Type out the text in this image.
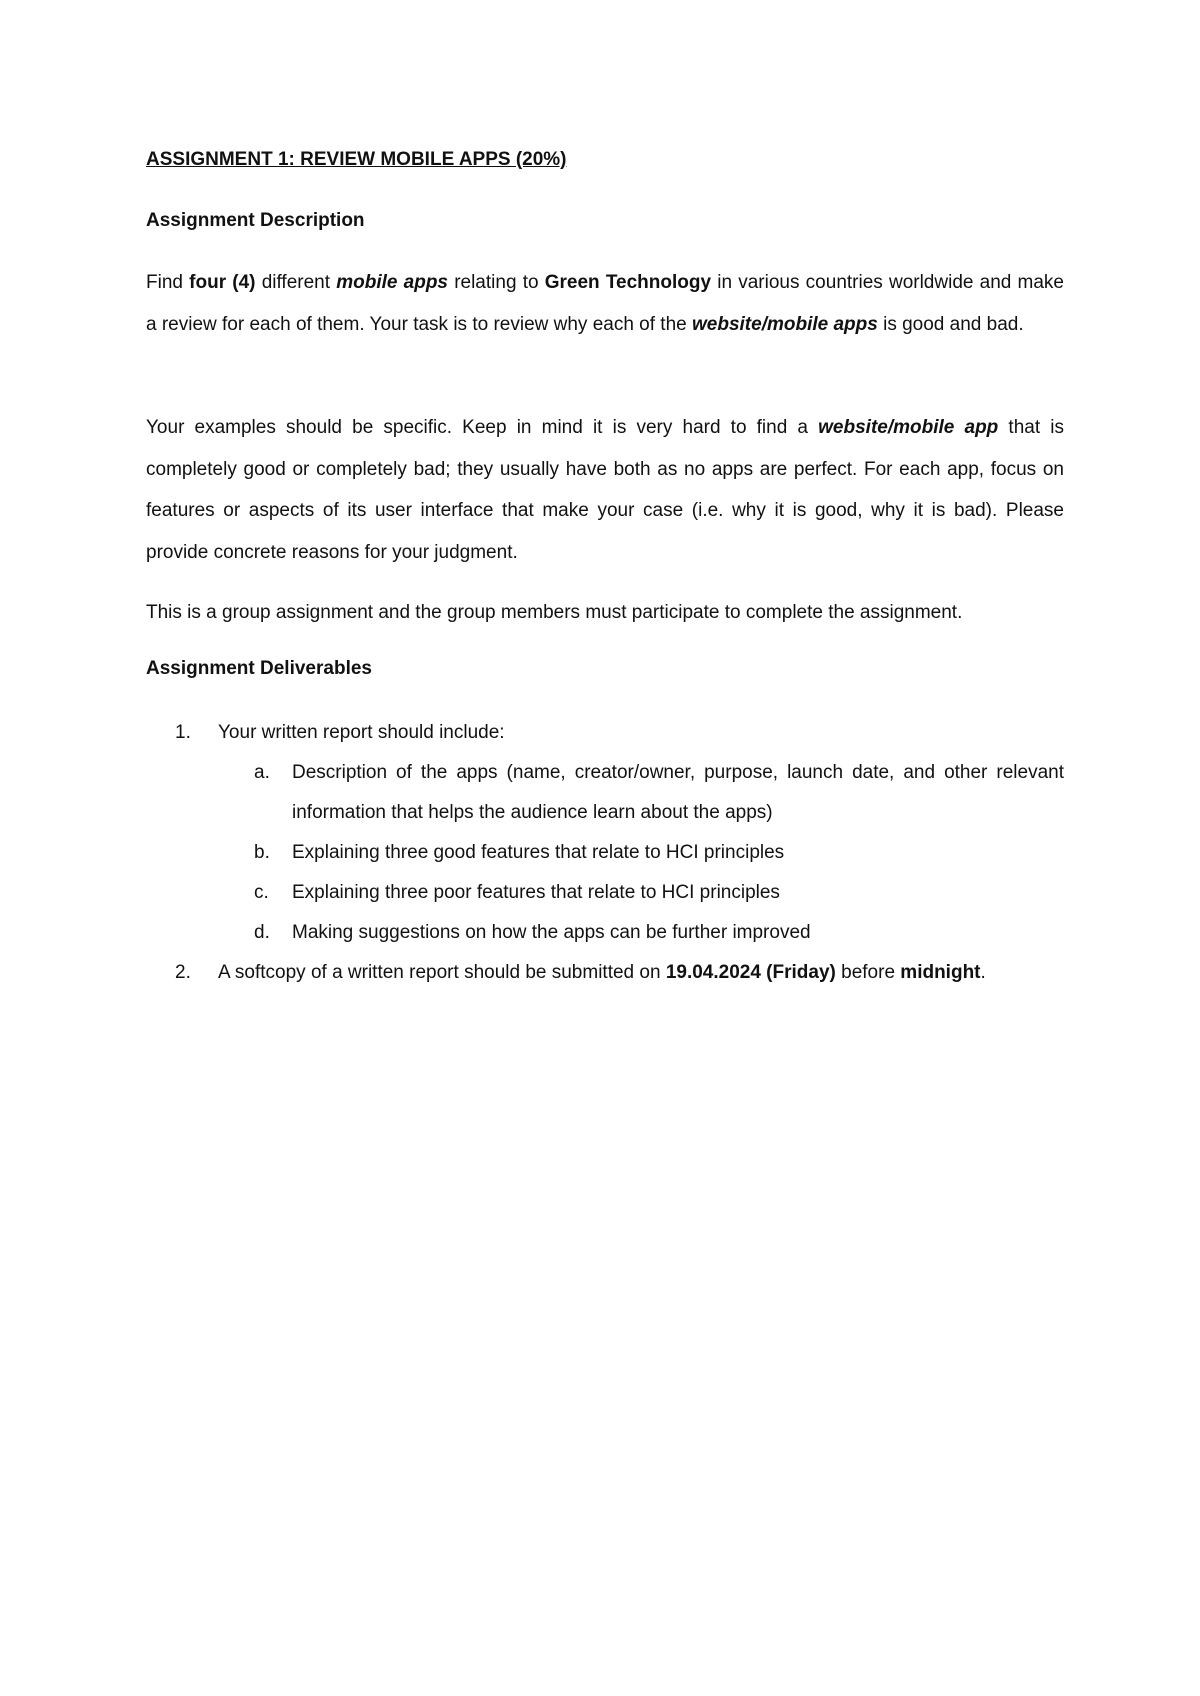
ASSIGNMENT 1: REVIEW MOBILE APPS (20%)

Assignment Description

Find four (4) different mobile apps relating to Green Technology in various countries worldwide and make a review for each of them. Your task is to review why each of the website/mobile apps is good and bad.

Your examples should be specific. Keep in mind it is very hard to find a website/mobile app that is completely good or completely bad; they usually have both as no apps are perfect. For each app, focus on features or aspects of its user interface that make your case (i.e. why it is good, why it is bad). Please provide concrete reasons for your judgment.

This is a group assignment and the group members must participate to complete the assignment.

Assignment Deliverables

1. Your written report should include:
a. Description of the apps (name, creator/owner, purpose, launch date, and other relevant information that helps the audience learn about the apps)
b. Explaining three good features that relate to HCI principles
c. Explaining three poor features that relate to HCI principles
d. Making suggestions on how the apps can be further improved
2. A softcopy of a written report should be submitted on 19.04.2024 (Friday) before midnight.
